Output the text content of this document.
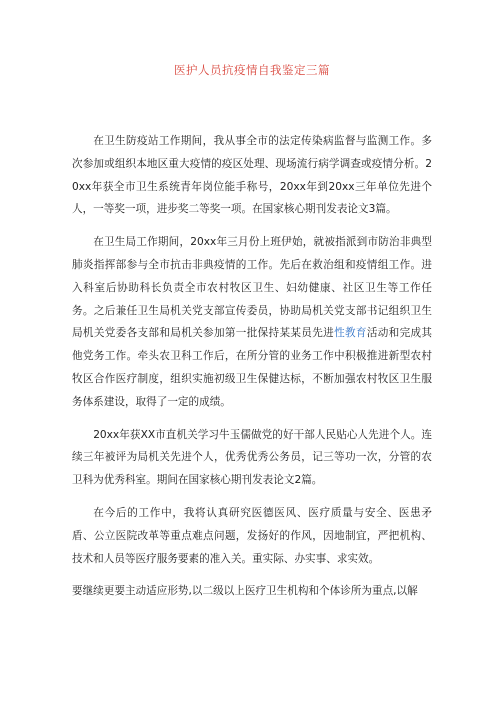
医护人员抗疫情自我鉴定三篇

在卫生防疫站工作期间，我从事全市的法定传染病监督与监测工作。多次参加或组织本地区重大疫情的疫区处理、现场流行病学调查或疫情分析。20xx年获全市卫生系统青年岗位能手称号，20xx年到20xx三年单位先进个人，一等奖一项，进步奖二等奖一项。在国家核心期刊发表论文3篇。

在卫生局工作期间，20xx年三月份上班伊始，就被指派到市防治非典型肺炎指挥部参与全市抗击非典疫情的工作。先后在救治组和疫情组工作。进入科室后协助科长负责全市农村牧区卫生、妇幼健康、社区卫生等工作任务。之后兼任卫生局机关党支部宣传委员，协助局机关党支部书记组织卫生局机关党委各支部和局机关参加第一批保持某某员先进性教育活动和完成其他党务工作。牵头农卫科工作后，在所分管的业务工作中积极推进新型农村牧区合作医疗制度，组织实施初级卫生保健达标，不断加强农村牧区卫生服务体系建设，取得了一定的成绩。

20xx年获XX市直机关学习牛玉儒做党的好干部人民贴心人先进个人。连续三年被评为局机关先进个人，优秀优秀公务员，记三等功一次，分管的农卫科为优秀科室。期间在国家核心期刊发表论文2篇。

在今后的工作中，我将认真研究医德医风、医疗质量与安全、医患矛盾、公立医院改革等重点难点问题，发扬好的作风，因地制宜，严把机构、技术和人员等医疗服务要素的准入关。重实际、办实事、求实效。

要继续更要主动适应形势,以二级以上医疗卫生机构和个体诊所为重点,以解
